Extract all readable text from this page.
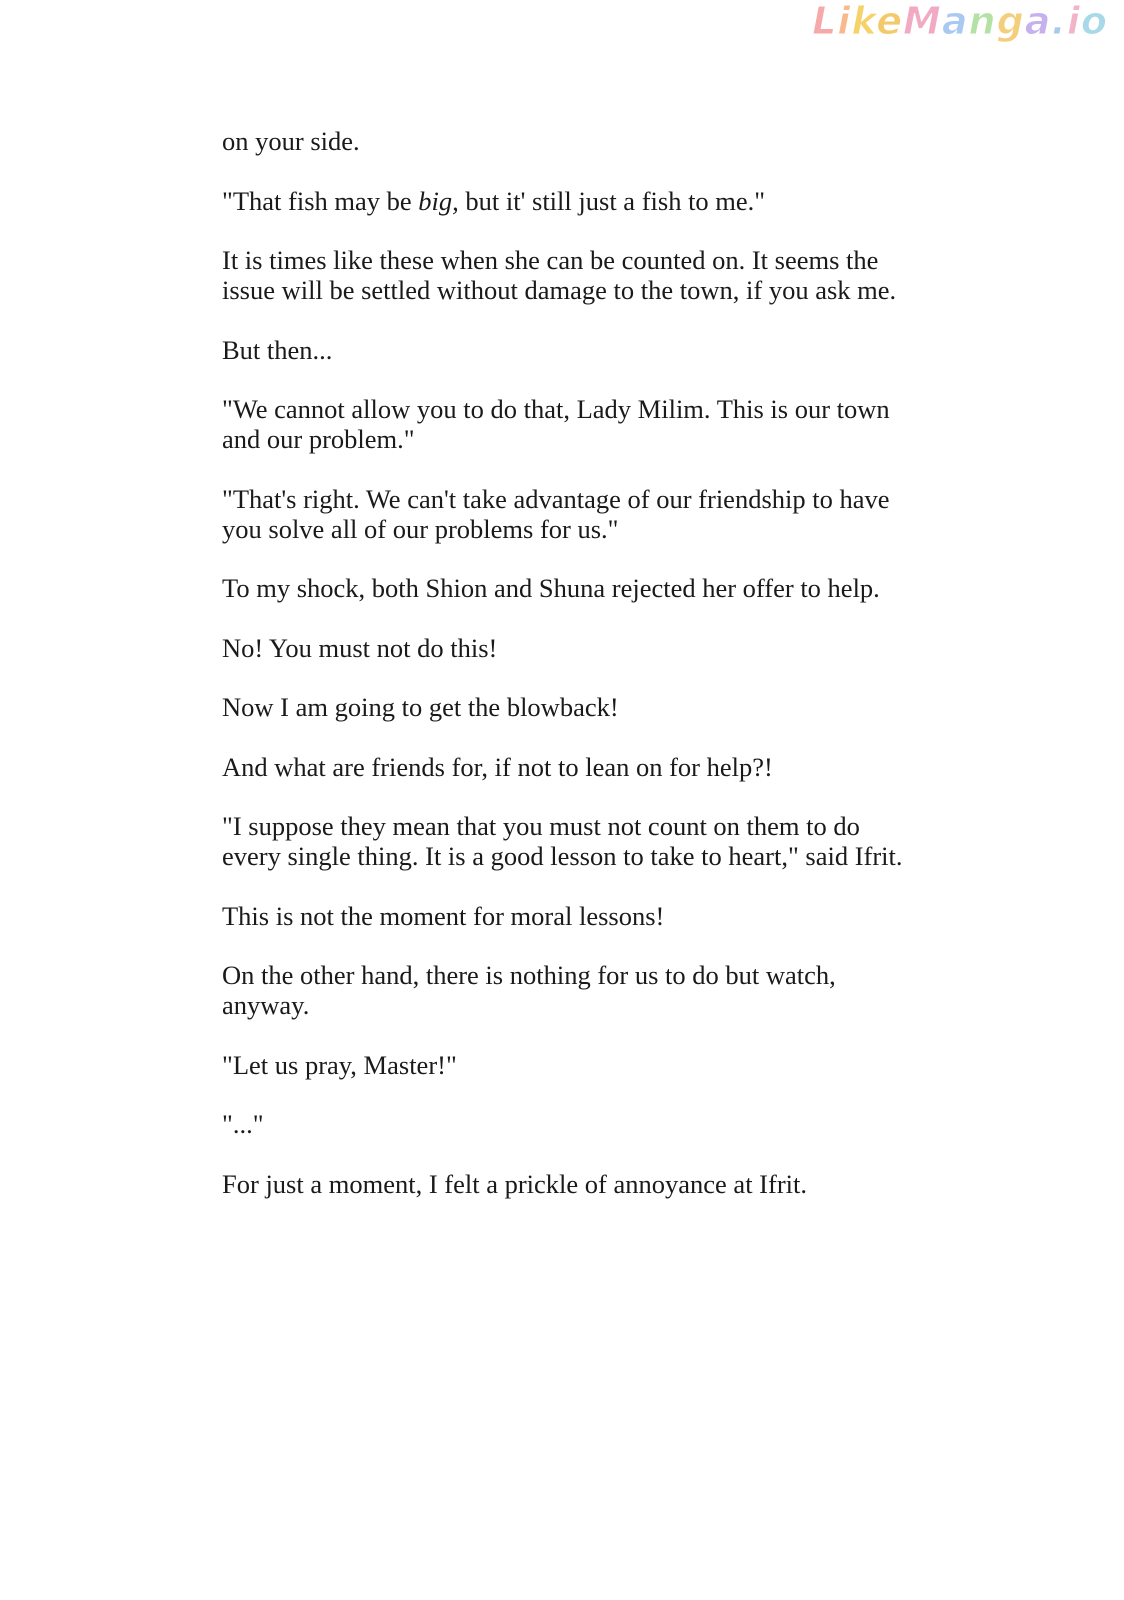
LikeManga.io

on your side.

"That fish may be big, but it' still just a fish to me."

It is times like these when she can be counted on. It seems the issue will be settled without damage to the town, if you ask me.

But then...

"We cannot allow you to do that, Lady Milim. This is our town and our problem."

"That's right. We can't take advantage of our friendship to have you solve all of our problems for us."

To my shock, both Shion and Shuna rejected her offer to help.

No! You must not do this!

Now I am going to get the blowback!

And what are friends for, if not to lean on for help?!

"I suppose they mean that you must not count on them to do every single thing. It is a good lesson to take to heart," said Ifrit.

This is not the moment for moral lessons!

On the other hand, there is nothing for us to do but watch, anyway.

"Let us pray, Master!"

"..."

For just a moment, I felt a prickle of annoyance at Ifrit.
